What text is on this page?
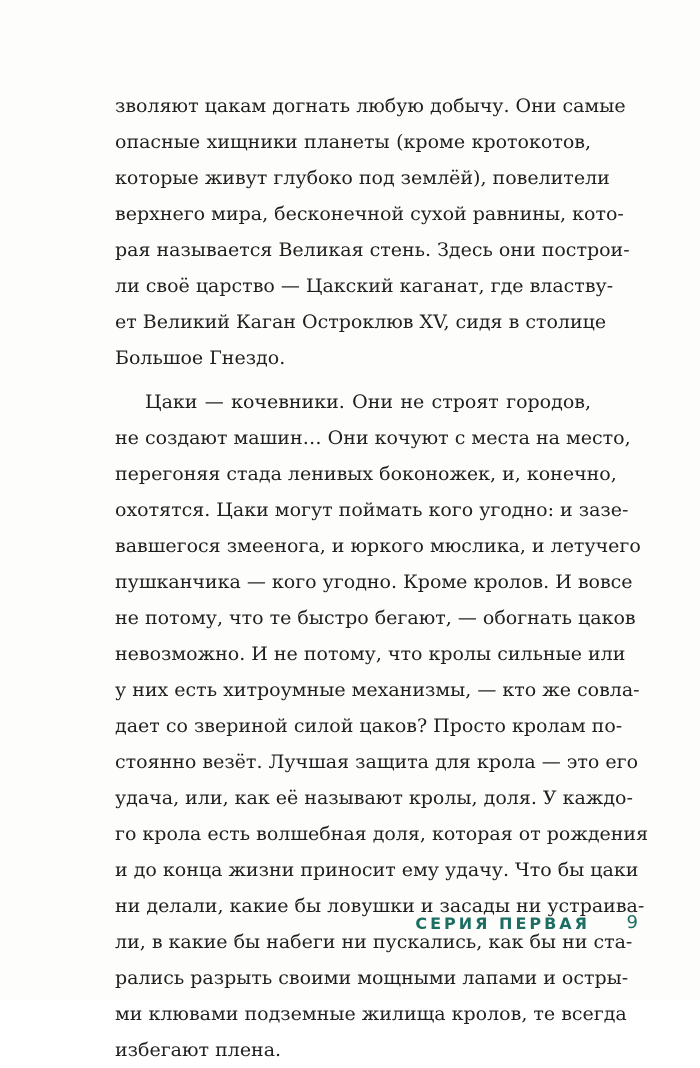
зволяют цакам догнать любую добычу. Они самые
опасные хищники планеты (кроме кротокотов,
которые живут глубоко под землёй), повелители
верхнего мира, бесконечной сухой равнины, кото-
рая называется Великая стень. Здесь они построи-
ли своё царство — Цакский каганат, где властву-
ет Великий Каган Остроклюв XV, сидя в столице
Большое Гнездо.
Цаки — кочевники. Они не строят городов,
не создают машин… Они кочуют с места на место,
перегоняя стада ленивых боконожек, и, конечно,
охотятся. Цаки могут поймать кого угодно: и зазе-
вавшегося змеенога, и юркого мюслика, и летучего
пушканчика — кого угодно. Кроме кролов. И вовсе
не потому, что те быстро бегают, — обогнать цаков
невозможно. И не потому, что кролы сильные или
у них есть хитроумные механизмы, — кто же совла-
дает со звериной силой цаков? Просто кролам по-
стоянно везёт. Лучшая защита для крола — это его
удача, или, как её называют кролы, доля. У каждо-
го крола есть волшебная доля, которая от рождения
и до конца жизни приносит ему удачу. Что бы цаки
ни делали, какие бы ловушки и засады ни устраива-
ли, в какие бы набеги ни пускались, как бы ни ста-
рались разрыть своими мощными лапами и остры-
ми клювами подземные жилища кролов, те всегда
избегают плена.
СЕРИЯ ПЕРВАЯ 9
